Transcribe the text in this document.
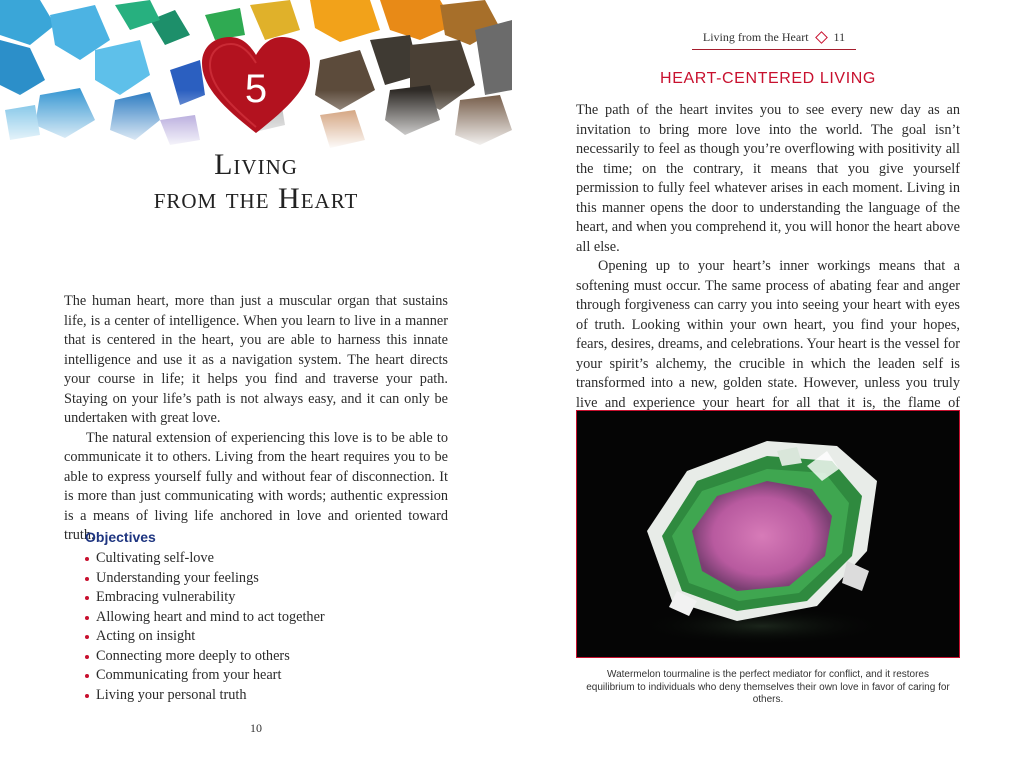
5
Living
from the Heart

The human heart, more than just a muscular organ that sustains life, is a center of intelligence. When you learn to live in a manner that is centered in the heart, you are able to harness this innate intelligence and use it as a navigation system. The heart directs your course in life; it helps you find and traverse your path. Staying on your life’s path is not always easy, and it can only be undertaken with great love.

The natural extension of experiencing this love is to be able to communicate it to others. Living from the heart requires you to be able to express yourself fully and without fear of disconnection. It is more than just communicating with words; authentic expression is a means of living life anchored in love and oriented toward truth.

Objectives
Cultivating self-love
Understanding your feelings
Embracing vulnerability
Allowing heart and mind to act together
Acting on insight
Connecting more deeply to others
Communicating from your heart
Living your personal truth
10
Living from the Heart 11
HEART-CENTERED LIVING

The path of the heart invites you to see every new day as an invitation to bring more love into the world. The goal isn’t necessarily to feel as though you’re overflowing with positivity all the time; on the contrary, it means that you give yourself permission to fully feel whatever arises in each moment. Living in this manner opens the door to understanding the language of the heart, and when you comprehend it, you will honor the heart above all else.

Opening up to your heart’s inner workings means that a softening must occur. The same process of abating fear and anger through forgiveness can carry you into seeing your heart with eyes of truth. Looking within your own heart, you find your hopes, fears, desires, dreams, and celebrations. Your heart is the vessel for your spirit’s alchemy, the crucible in which the leaden self is transformed into a new, golden state. However, unless you truly live and experience your heart for all that it is, the flame of

Watermelon tourmaline is the perfect mediator for conflict, and it restores equilibrium to individuals who deny themselves their own love in favor of caring for others.
